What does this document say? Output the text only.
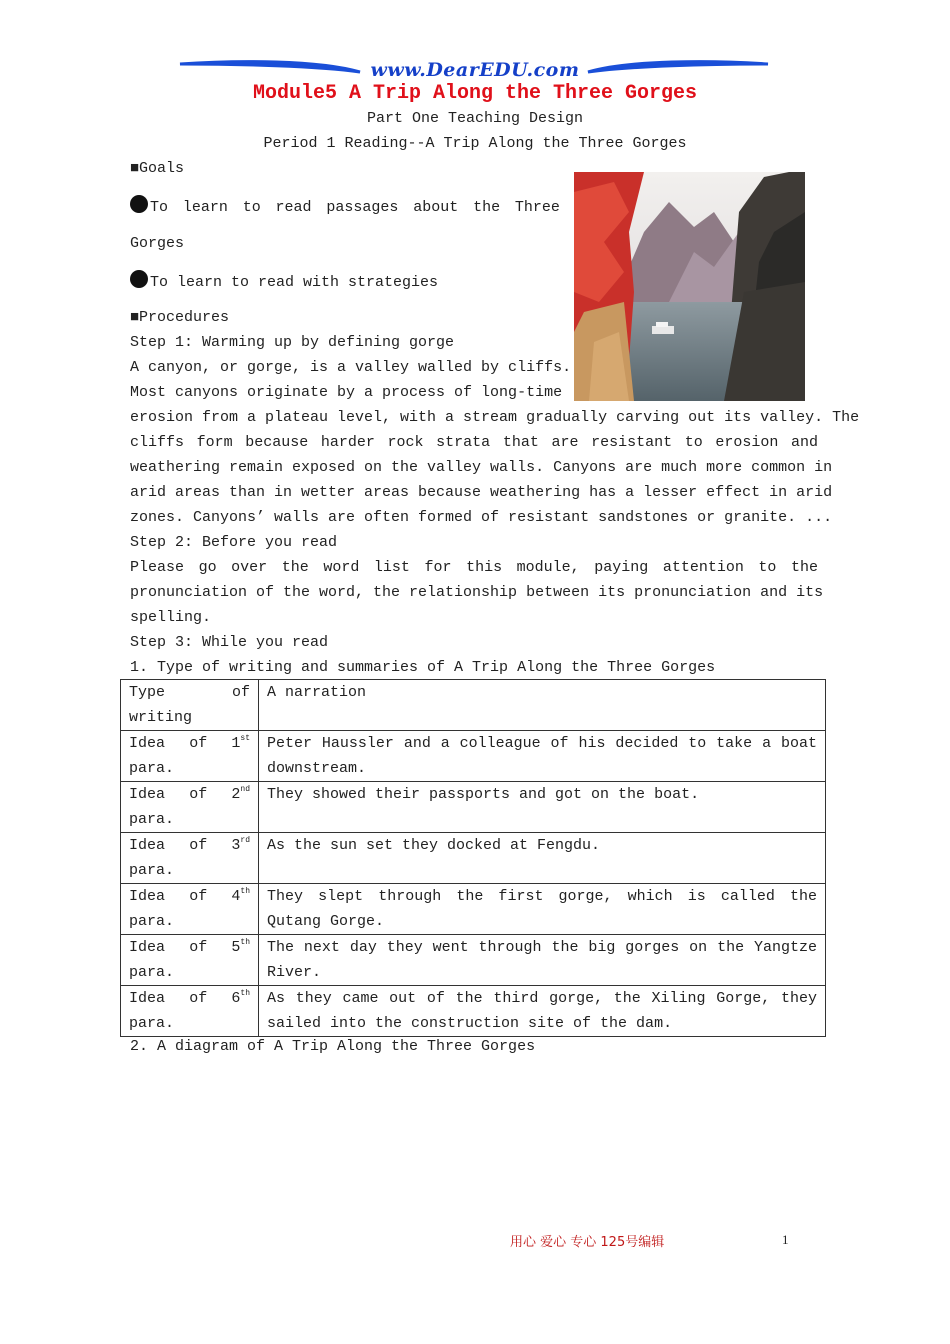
www.DearEDU.com
Module5 A Trip Along the Three Gorges
Part One Teaching Design
Period 1 Reading--A Trip Along the Three Gorges
■Goals
To learn to read passages about the Three
Gorges
To learn to read with strategies
■Procedures
Step 1: Warming up by defining gorge
A canyon, or gorge, is a valley walled by cliffs.
Most canyons originate by a process of long-time
erosion from a plateau level, with a stream gradually carving out its valley. The
cliffs form because harder rock strata that are resistant to erosion and
weathering remain exposed on the valley walls. Canyons are much more common in
arid areas than in wetter areas because weathering has a lesser effect in arid
zones. Canyons’ walls are often formed of resistant sandstones or granite. ...
Step 2: Before you read
Please go over the word list for this module, paying attention to the
pronunciation of the word, the relationship between its pronunciation and its
spelling.
Step 3: While you read
1. Type of writing and summaries of A Trip Along the Three Gorges
Type of
writing	A narration

Idea of 1st
para.	Peter Haussler and a colleague of his decided to take a boat downstream.

Idea of 2nd
para.	They showed their passports and got on the boat.

Idea of 3rd
para.	As the sun set they docked at Fengdu.

Idea of 4th
para.	They slept through the first gorge, which is called the Qutang Gorge.

Idea of 5th
para.	The next day they went through the big gorges on the Yangtze River.

Idea of 6th
para.	As they came out of the third gorge, the Xiling Gorge, they sailed into the construction site of the dam.
2. A diagram of A Trip Along the Three Gorges
用心 爱心 专心 125号编辑	1
